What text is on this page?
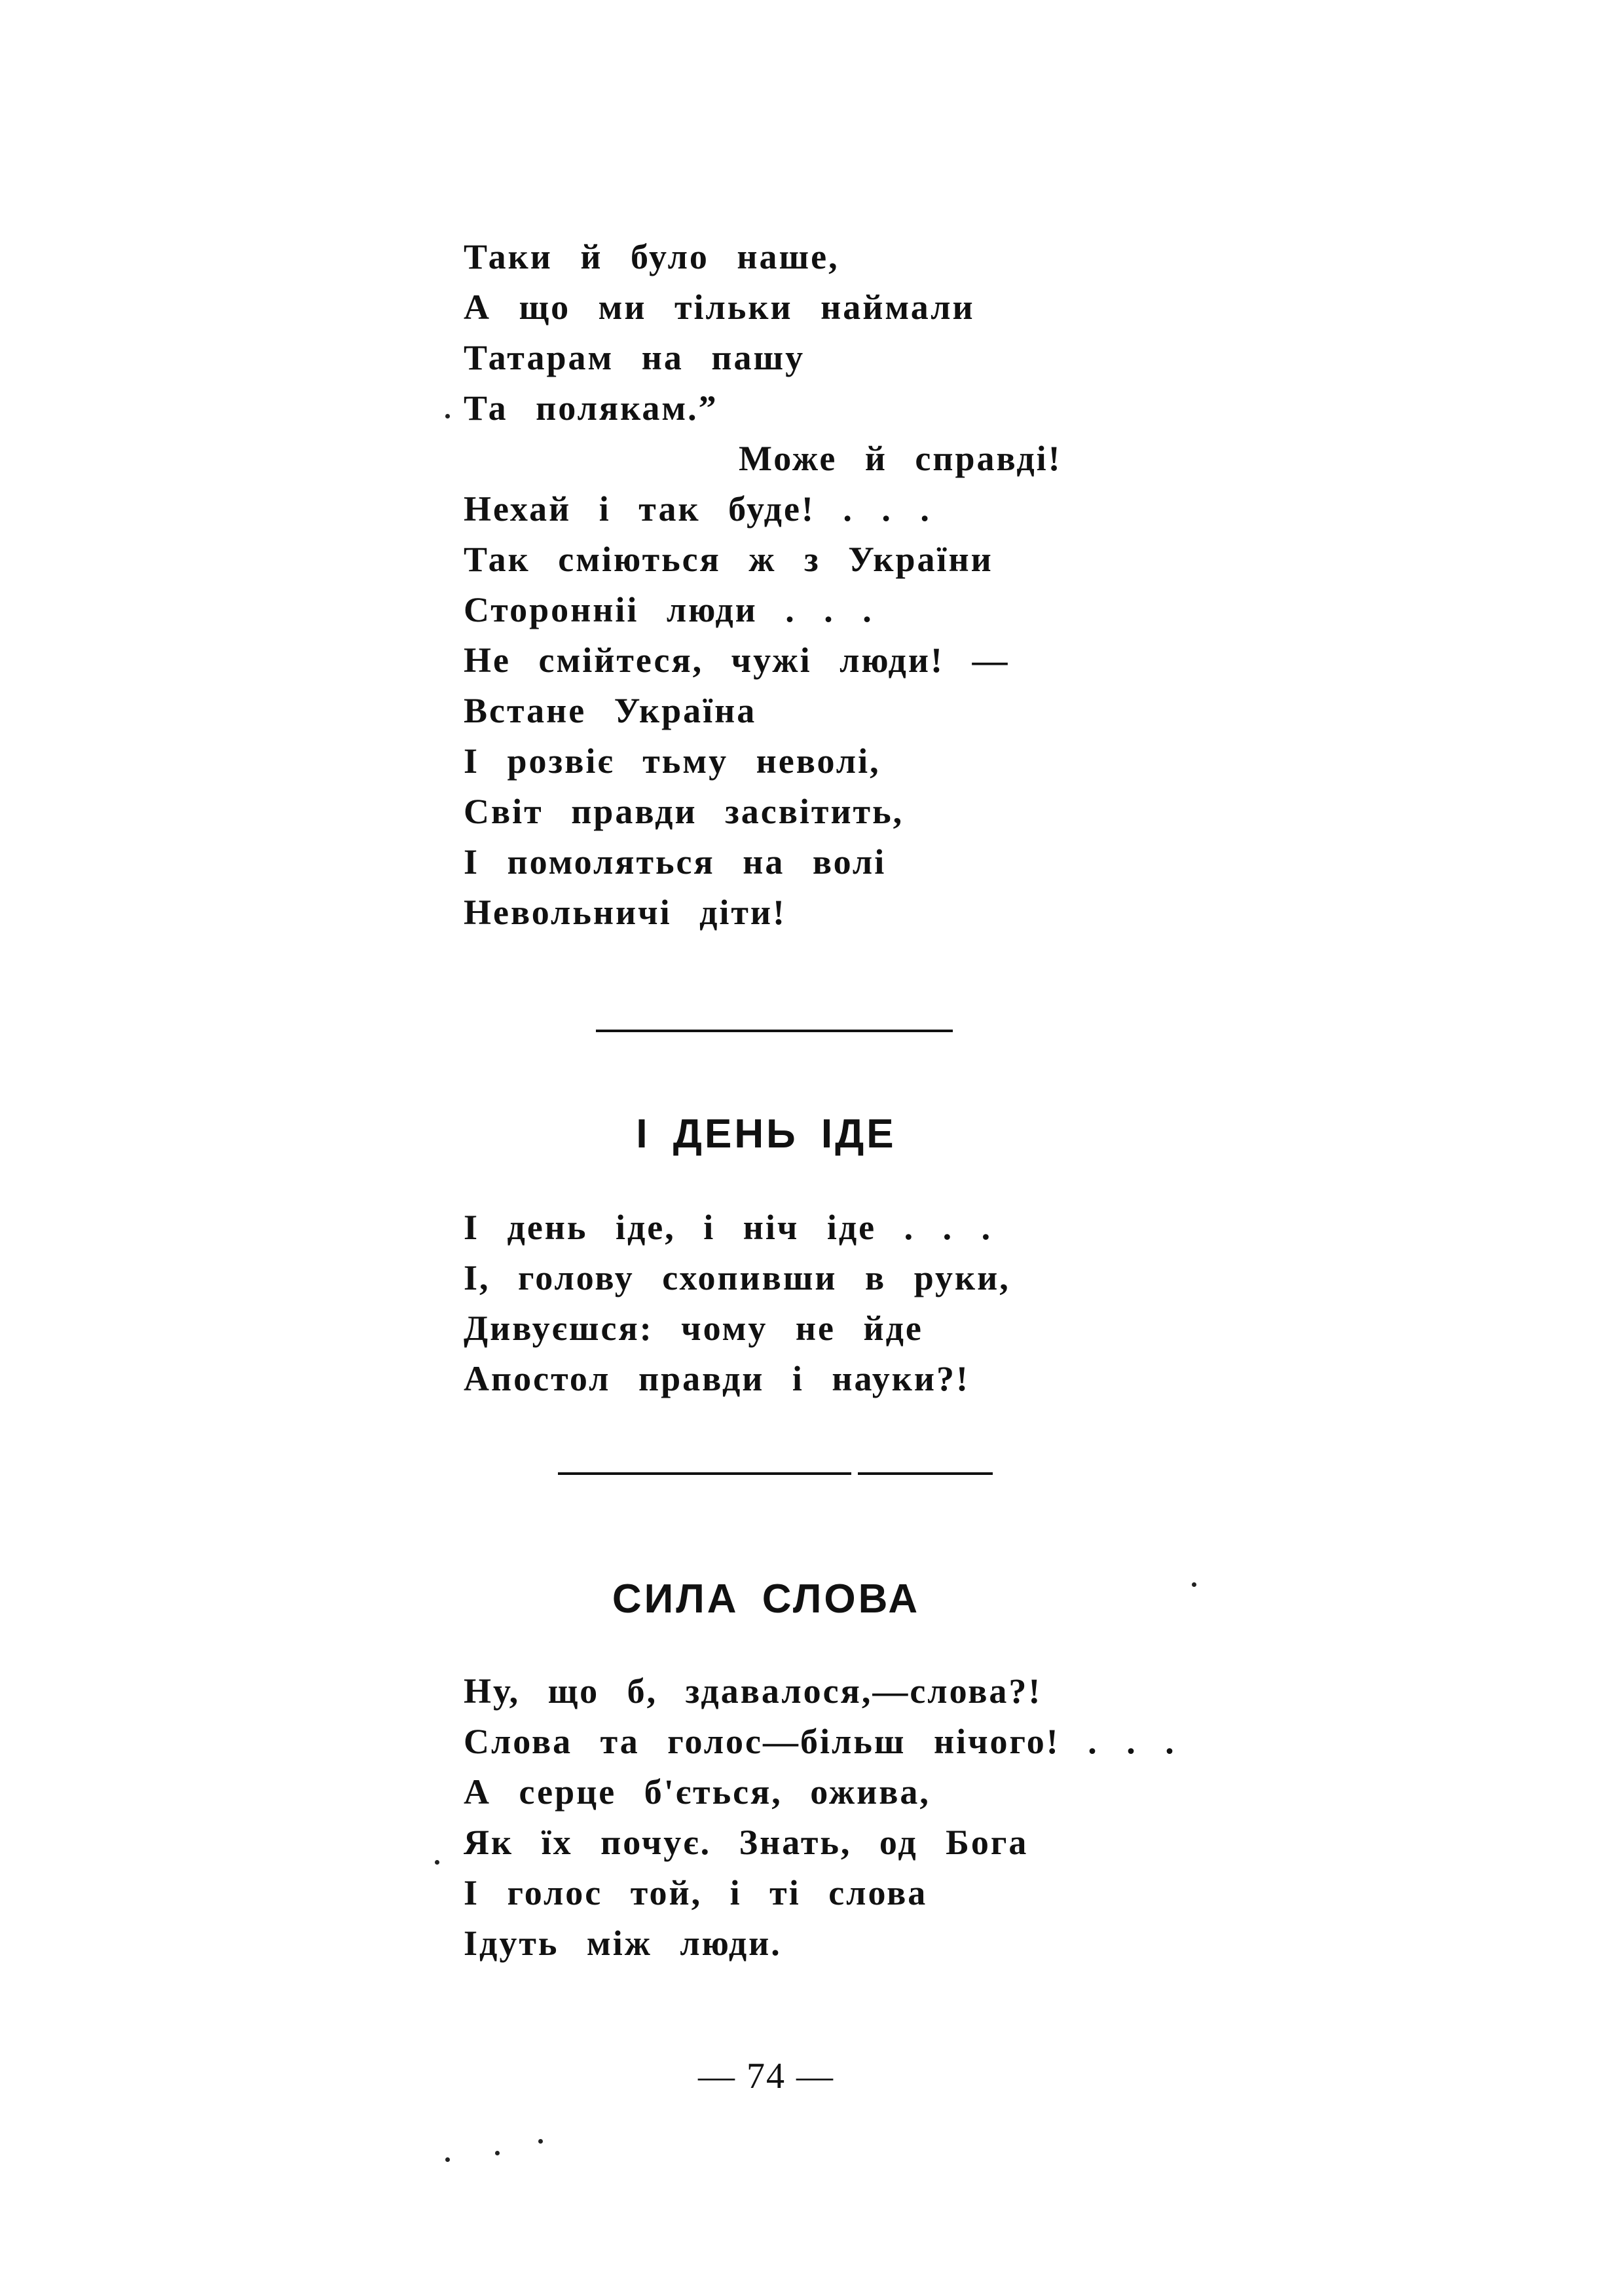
Таки й було наше,
А що ми тільки наймали
Татарам на пашу
Та полякам.”
Може й справді!
Нехай і так буде! . . .
Так сміються ж з України
Сторонніі люди . . .
Не смійтеся, чужі люди! —
Встане Україна
І розвіє тьму неволі,
Світ правди засвітить,
І помоляться на волі
Невольничі діти!
І ДЕНЬ ІДЕ
І день іде, і ніч іде . . .
І, голову схопивши в руки,
Дивуєшся: чому не йде
Апостол правди і науки?!
СИЛА СЛОВА
Ну, що б, здавалося,—слова?!
Слова та голос—більш нічого! . . .
А серце б'ється, ожива,
Як їх почує. Знать, од Бога
І голос той, і ті слова
Ідуть між люди.
— 74 —
